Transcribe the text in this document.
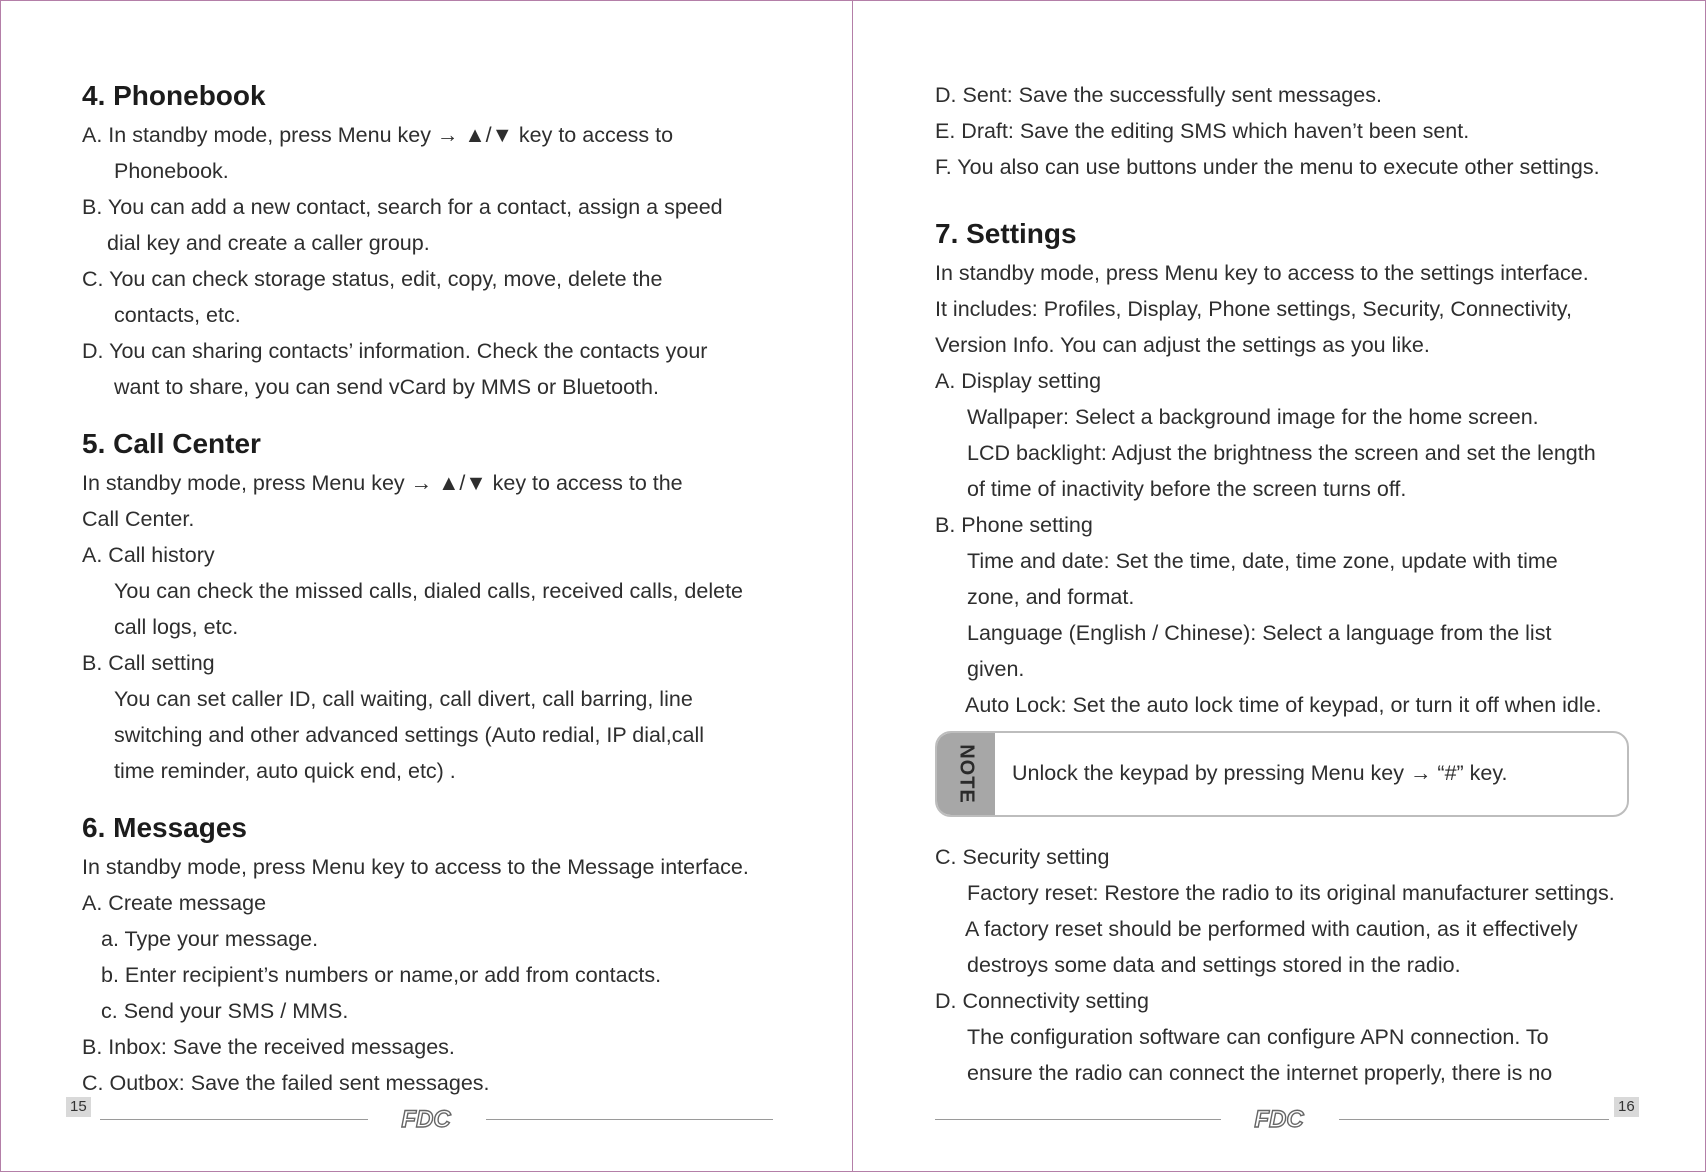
4. Phonebook
A. In standby mode, press Menu key → ▲/▼ key to access to
Phonebook.
B. You can add a new contact, search for a contact, assign a speed
dial key and create a caller group.
C. You can check storage status, edit, copy, move, delete the
contacts, etc.
D. You can sharing contacts’ information. Check the contacts your
want to share, you can send vCard by MMS or Bluetooth.
5. Call Center
In standby mode, press Menu key → ▲/▼ key to access to the
Call Center.
A. Call history
You can check the missed calls, dialed calls, received calls, delete
call logs, etc.
B. Call setting
You can set caller ID, call waiting, call divert, call barring, line
switching and other advanced settings (Auto redial, IP dial,call
time reminder, auto quick end, etc) .
6. Messages
In standby mode, press Menu key to access to the Message interface.
A. Create message
a. Type your message.
b. Enter recipient’s numbers or name,or add from contacts.
c. Send your SMS / MMS.
B. Inbox: Save the received messages.
C. Outbox: Save the failed sent messages.
15	FDC
D. Sent: Save the successfully sent messages.
E. Draft: Save the editing SMS which haven’t been sent.
F. You also can use buttons under the menu to execute other settings.
7. Settings
In standby mode, press Menu key to access to the settings interface.
It includes: Profiles, Display, Phone settings, Security, Connectivity,
Version Info. You can adjust the settings as you like.
A. Display setting
Wallpaper: Select a background image for the home screen.
LCD backlight: Adjust the brightness the screen and set the length
of time of inactivity before the screen turns off.
B. Phone setting
Time and date: Set the time, date, time zone, update with time
zone, and format.
Language (English / Chinese): Select a language from the list
given.
Auto Lock: Set the auto lock time of keypad, or turn it off when idle.
NOTE Unlock the keypad by pressing Menu key → “#” key.
C. Security setting
Factory reset: Restore the radio to its original manufacturer settings.
A factory reset should be performed with caution, as it effectively
destroys some data and settings stored in the radio.
D. Connectivity setting
The configuration software can configure APN connection. To
ensure the radio can connect the internet properly, there is no
FDC	16
